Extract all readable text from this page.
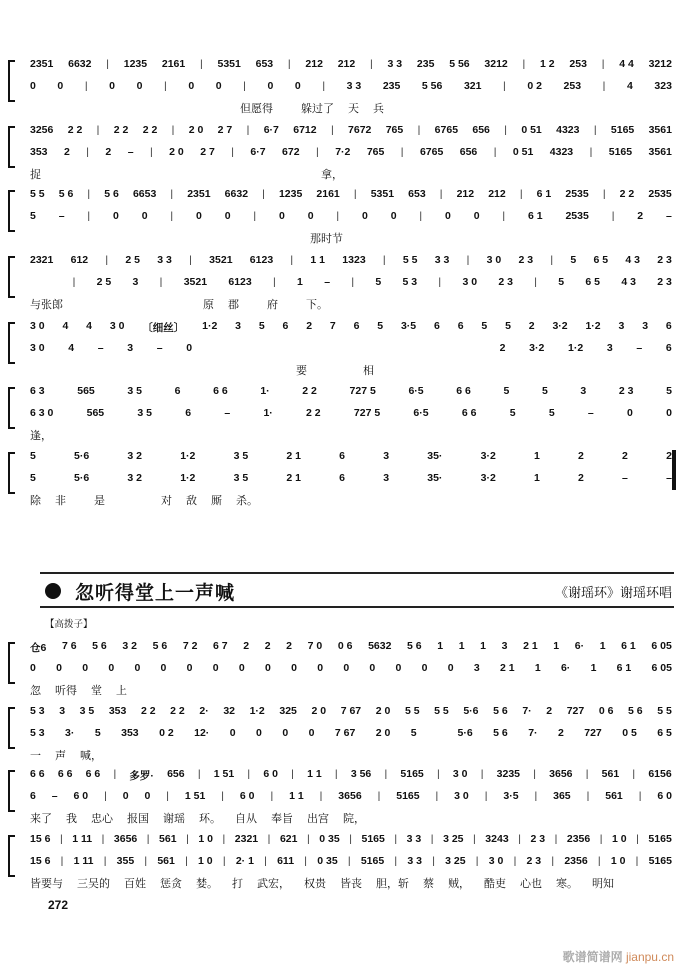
2351 6632 | 1235 2161 | 5351 653 | 212 212 | 3 3 235 5 56 3212 | 1 2 253 | 4 4 3212
0 0 | 0 0 | 0 0 | 0 0 | 3 3 235 5 56 321 | 0 2 253 | 4 323
但愿得	躲过了 天 兵
3256 2 2 | 2 2 2 2 | 2 0 2 7 | 6·7 6712 | 7672 765 | 6765 656 | 0 51 4323 | 5165 3561
353 2 | 2 – | 2 0 2 7 | 6·7 672 | 7·2 765 | 6765 656 | 0 51 4323 | 5165 3561
捉	拿，
5 5 5 6 | 5 6 6653 | 2351 6632 | 1235 2161 | 5351 653 | 212 212 | 6 1 2535 | 2 2 2535
5 – | 0 0 | 0 0 | 0 0 | 0 0 | 0 0 | 6 1 2535 | 2 –
那时节
2321 612 | 2 5 3 3 | 3521 6123 | 1 1 1323 | 5 5 3 3 | 3 0 2 3 | 5 6 5 4 3 2 3
| 2 5 3 | 3521 6123 | 1 – | 5 5 3 | 3 0 2 3 | 5 6 5 4 3 2 3
与张郎	原 郡	府	下。
3 0 4 4 3 0 〔细丝〕 1·2 3 5 6 2 7 6 5 3·5 6 6 5 5 2 3·2 1·2 3 3 6
3 0 4 – 3 – 0	2 3·2 1·2 3 – 6
要	相
6 3	565	3 5	6	6 6	1·	2 2	727 5	6·5	6 6	5	5	3	2 3	5
6 3 0	565	3 5	6	–	1·	2 2	727 5	6·5	6 6	5	5	–	0	0
逢，
5	5·6	3 2	1·2	3 5	2 1	6	3	35·	3·2	1	2	2	2
5	5·6	3 2	1·2	3 5	2 1	6	3	35·	3·2	1	2	–	–
除 非	是	对 敌 厮 杀。
忽听得堂上一声喊	《谢瑶环》谢瑶环唱
【高拨子】
仓6 7 6 5 6 3 2 5 6 7 2 6 7 2 2 2 7 0 0 6 5632 5 6 1 1 1 3 2 1 1 6· 1 6 1 6 05
0 0 0 0 0 0 0 0 0 0 0 0 0 0 0 0 0 3 2 1 1 6· 1 6 1 6 05
忽 听得 堂 上
5 3 3 3 5 353 2 2 2 2 2· 32 1·2 325 2 0 7 67 2 0 5 5 5 5 5·6 5 6 7· 2 727 0 6 5 6 5 5
5 3 3· 5 353 0 2 12· 0 0 0 0 7 67 2 0 5	5·6 5 6 7· 2 727 0 5 6 5
一 声 喊，
6 6 6 6 6 6 | 多罗· 656 | 1 51 | 6 0 | 1 1 | 3 56 | 5165 | 3 0 | 3235 | 3656 | 561 | 6156
6 – 6 0 | 0 0 | 1 51 | 6 0 | 1 1 | 3656 | 5165 | 3 0 | 3·5 | 365 | 561 | 6 0
来了 我 忠心 报国 谢瑶 环。 自从 奉旨 出宫 院，
15 6 | 1 11 | 3656 | 561 | 1 0 | 2321 | 621 | 0 35 | 5165 | 3 3 | 3 25 | 3243 | 2 3 | 2356 | 1 0 | 5165
15 6 | 1 11 | 355 | 561 | 1 0 | 2· 1 | 611 | 0 35 | 5165 | 3 3 | 3 25 | 3 0 | 2 3 | 2356 | 1 0 | 5165
皆要与 三吴的 百姓 惩贪 婪。 打 武宏， 权贵 皆丧 胆，斩 蔡 贼， 酷吏 心也 寒。 明知
272
歌谱简谱网 jianpu.cn
